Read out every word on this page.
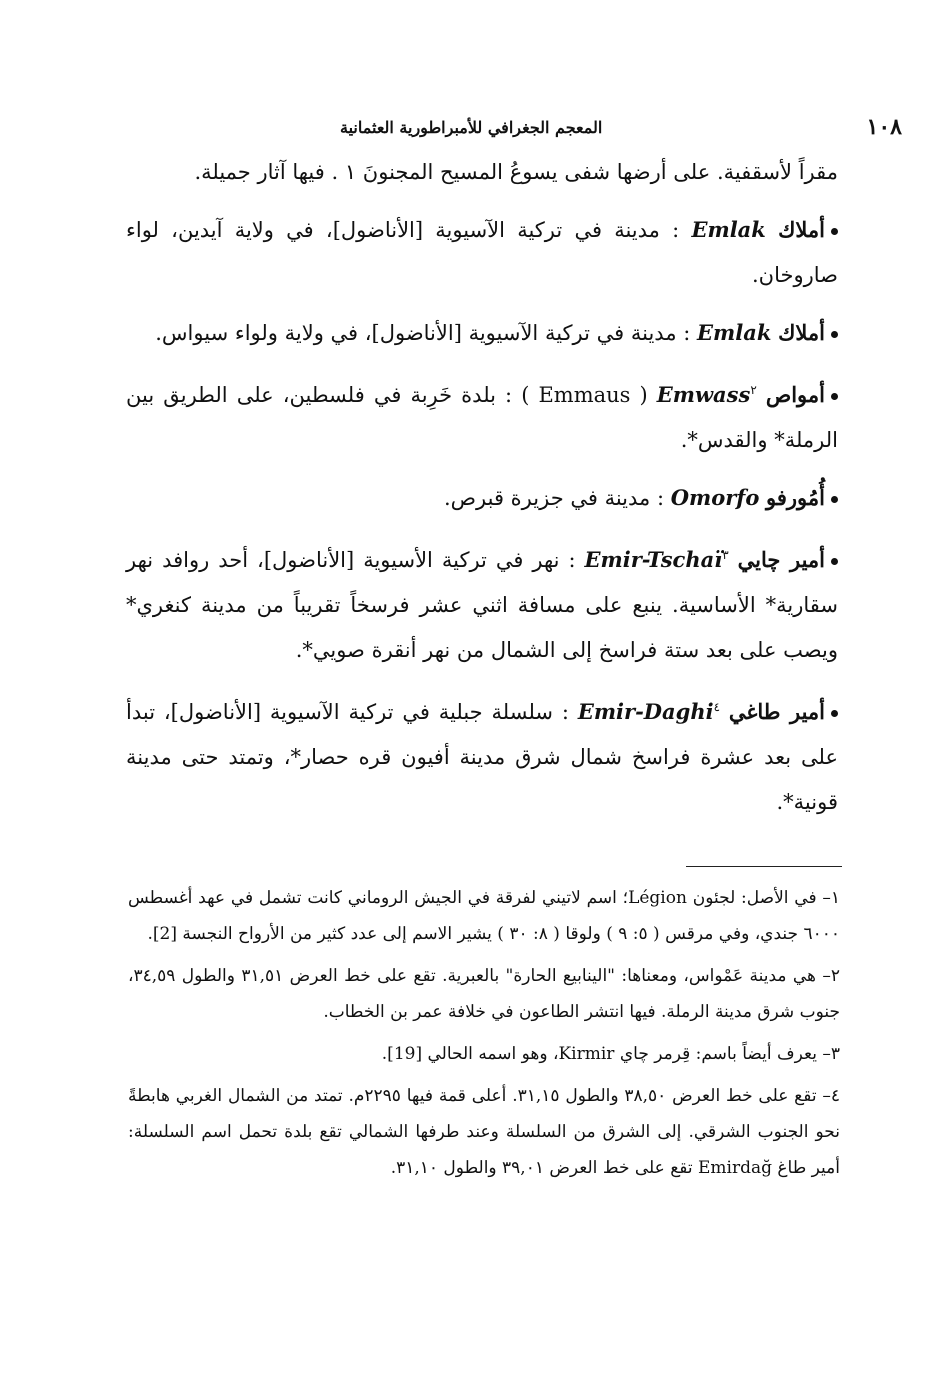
١٠٨
المعجم الجغرافي للأمبراطورية العثمانية

مقراً لأسقفية. على أرضها شفى يسوعُ المسيح المجنونَ ١ . فيها آثار جميلة.

أملاك Emlak : مدينة في تركية الآسيوية [الأناضول]، في ولاية آيدين، لواء صاروخان.

أملاك Emlak : مدينة في تركية الآسيوية [الأناضول]، في ولاية ولواء سيواس.

أمواص Emwass$^٢$ ( Emmaus ) : بلدة خَرِبة في فلسطين، على الطريق بين الرملة* والقدس*.

أُمُورفو Omorfo : مدينة في جزيرة قبرص.

أمير چايي Emir-Tschaï$^٣$ : نهر في تركية الأسيوية [الأناضول]، أحد روافد نهر سقارية* الأساسية. ينبع على مسافة اثني عشر فرسخاً تقريباً من مدينة كنغري* ويصب على بعد ستة فراسخ إلى الشمال من نهر أنقرة صويي*.

أمير طاغي Emir-Daghi$^٤$ : سلسلة جبلية في تركية الآسيوية [الأناضول]، تبدأ على بعد عشرة فراسخ شمال شرق مدينة أفيون قره حصار*، وتمتد حتى مدينة قونية*.

١– في الأصل: لجئون Légion؛ اسم لاتيني لفرقة في الجيش الروماني كانت تشمل في عهد أغسطس ٦٠٠٠ جندي، وفي مرقس ( ٥: ٩ ) ولوقا ( ٨: ٣٠ ) يشير الاسم إلى عدد كثير من الأرواح النجسة [2].

٢– هي مدينة عَمْواس، ومعناها: "الينابيع الحارة" بالعبرية. تقع على خط العرض ٣١,٥١ والطول ٣٤,٥٩، جنوب شرق مدينة الرملة. فيها انتشر الطاعون في خلافة عمر بن الخطاب.

٣– يعرف أيضاً باسم: قِرمر چاي Kirmir، وهو اسمه الحالي [19].

٤– تقع على خط العرض ٣٨,٥٠ والطول ٣١,١٥. أعلى قمة فيها ٢٢٩٥م. تمتد من الشمال الغربي هابطةً نحو الجنوب الشرقي. إلى الشرق من السلسلة وعند طرفها الشمالي تقع بلدة تحمل اسم السلسلة: أمير طاغ Emirdağ تقع على خط العرض ٣٩,٠١ والطول ٣١,١٠.
